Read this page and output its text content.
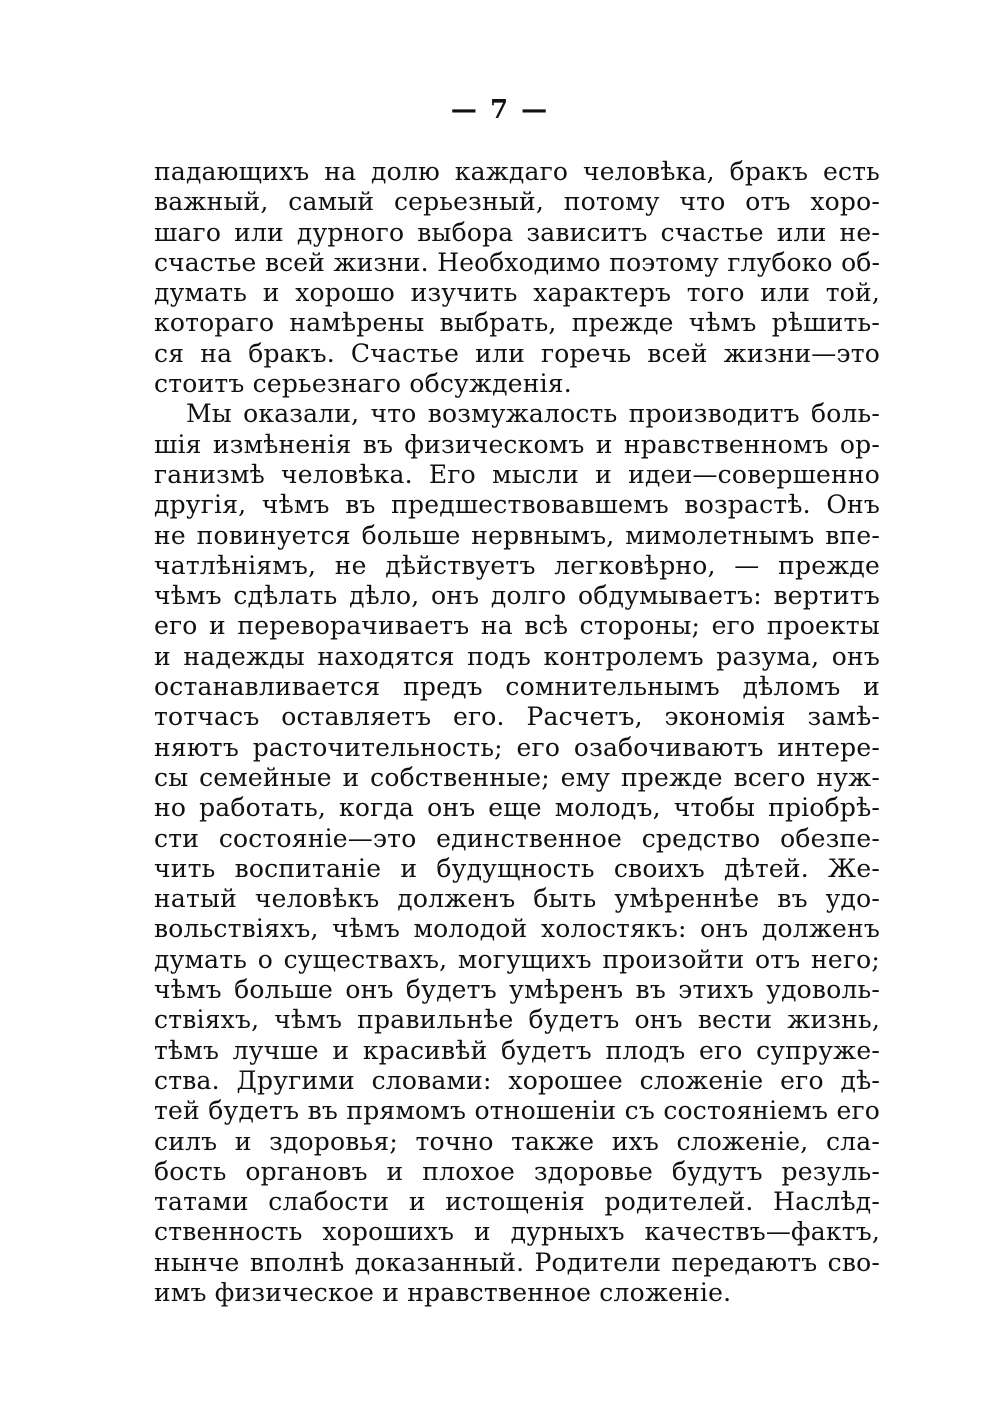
— 7 —
падающихъ на долю каждаго человѣка, бракъ есть
важный, самый серьезный, потому что отъ хоро-
шаго или дурного выбора зависитъ счастье или не-
счастье всей жизни. Необходимо поэтому глубоко об-
думать и хорошо изучить характеръ того или той,
котораго намѣрены выбрать, прежде чѣмъ рѣшить-
ся на бракъ. Счастье или горечь всей жизни—это
стоитъ серьезнаго обсужденія.
Мы оказали, что возмужалость производитъ боль-
шія измѣненія въ физическомъ и нравственномъ ор-
ганизмѣ человѣка. Его мысли и идеи—совершенно
другія, чѣмъ въ предшествовавшемъ возрастѣ. Онъ
не повинуется больше нервнымъ, мимолетнымъ впе-
чатлѣніямъ, не дѣйствуетъ легковѣрно, — прежде
чѣмъ сдѣлать дѣло, онъ долго обдумываетъ: вертитъ
его и переворачиваетъ на всѣ стороны; его проекты
и надежды находятся подъ контролемъ разума, онъ
останавливается предъ сомнительнымъ дѣломъ и
тотчасъ оставляетъ его. Расчетъ, экономія замѣ-
няютъ расточительность; его озабочиваютъ интере-
сы семейные и собственные; ему прежде всего нуж-
но работать, когда онъ еще молодъ, чтобы пріобрѣ-
сти состояніе—это единственное средство обезпе-
чить воспитаніе и будущность своихъ дѣтей. Же-
натый человѣкъ долженъ быть умѣреннѣе въ удо-
вольствіяхъ, чѣмъ молодой холостякъ: онъ долженъ
думать о существахъ, могущихъ произойти отъ него;
чѣмъ больше онъ будетъ умѣренъ въ этихъ удоволь-
ствіяхъ, чѣмъ правильнѣе будетъ онъ вести жизнь,
тѣмъ лучше и красивѣй будетъ плодъ его супруже-
ства. Другими словами: хорошее сложеніе его дѣ-
тей будетъ въ прямомъ отношеніи съ состояніемъ его
силъ и здоровья; точно также ихъ сложеніе, сла-
бость органовъ и плохое здоровье будутъ резуль-
татами слабости и истощенія родителей. Наслѣд-
ственность хорошихъ и дурныхъ качествъ—фактъ,
нынче вполнѣ доказанный. Родители передаютъ сво-
имъ физическое и нравственное сложеніе.
